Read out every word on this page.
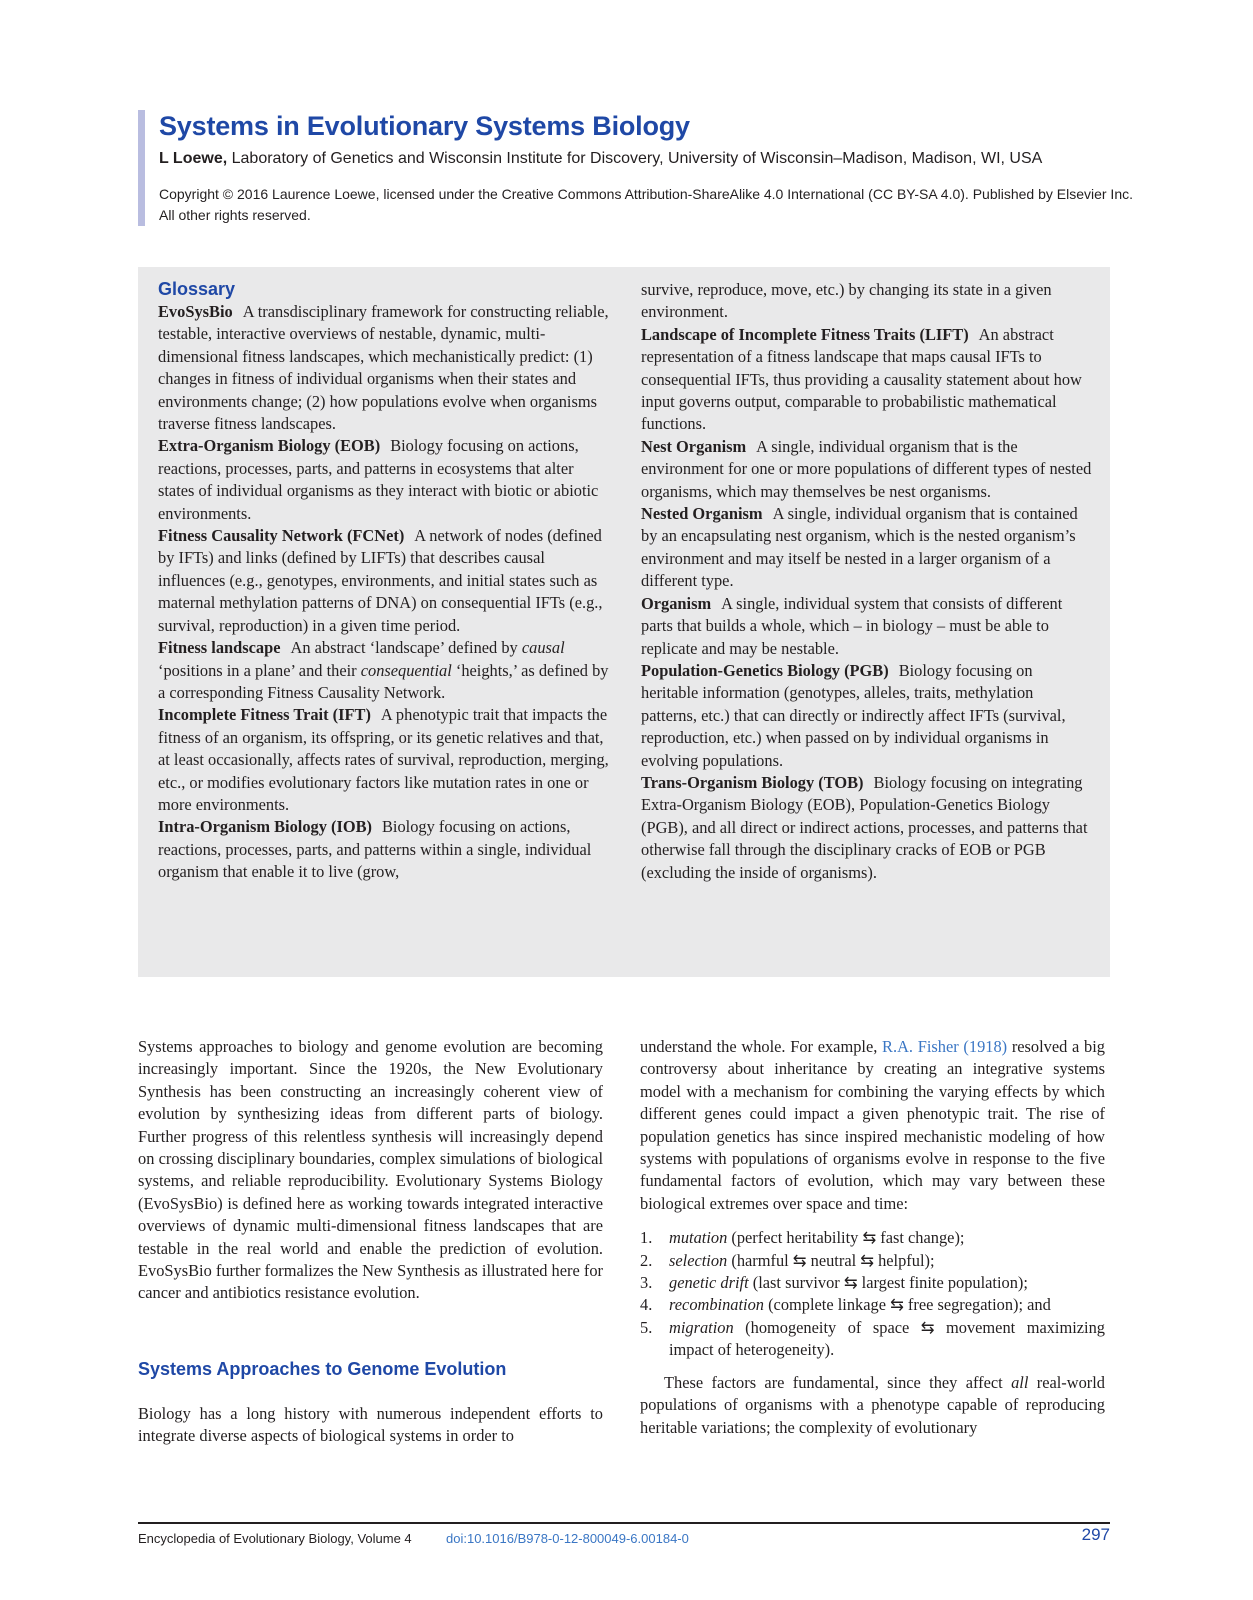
Systems in Evolutionary Systems Biology
L Loewe, Laboratory of Genetics and Wisconsin Institute for Discovery, University of Wisconsin–Madison, Madison, WI, USA
Copyright © 2016 Laurence Loewe, licensed under the Creative Commons Attribution-ShareAlike 4.0 International (CC BY-SA 4.0). Published by Elsevier Inc. All other rights reserved.
Glossary

EvoSysBio A transdisciplinary framework for constructing reliable, testable, interactive overviews of nestable, dynamic, multi-dimensional fitness landscapes, which mechanistically predict: (1) changes in fitness of individual organisms when their states and environments change; (2) how populations evolve when organisms traverse fitness landscapes.

Extra-Organism Biology (EOB) Biology focusing on actions, reactions, processes, parts, and patterns in ecosystems that alter states of individual organisms as they interact with biotic or abiotic environments.

Fitness Causality Network (FCNet) A network of nodes (defined by IFTs) and links (defined by LIFTs) that describes causal influences (e.g., genotypes, environments, and initial states such as maternal methylation patterns of DNA) on consequential IFTs (e.g., survival, reproduction) in a given time period.

Fitness landscape An abstract ‘landscape’ defined by causal ‘positions in a plane’ and their consequential ‘heights,’ as defined by a corresponding Fitness Causality Network.

Incomplete Fitness Trait (IFT) A phenotypic trait that impacts the fitness of an organism, its offspring, or its genetic relatives and that, at least occasionally, affects rates of survival, reproduction, merging, etc., or modifies evolutionary factors like mutation rates in one or more environments.

Intra-Organism Biology (IOB) Biology focusing on actions, reactions, processes, parts, and patterns within a single, individual organism that enable it to live (grow,

survive, reproduce, move, etc.) by changing its state in a given environment.

Landscape of Incomplete Fitness Traits (LIFT) An abstract representation of a fitness landscape that maps causal IFTs to consequential IFTs, thus providing a causality statement about how input governs output, comparable to probabilistic mathematical functions.

Nest Organism A single, individual organism that is the environment for one or more populations of different types of nested organisms, which may themselves be nest organisms.

Nested Organism A single, individual organism that is contained by an encapsulating nest organism, which is the nested organism’s environment and may itself be nested in a larger organism of a different type.

Organism A single, individual system that consists of different parts that builds a whole, which – in biology – must be able to replicate and may be nestable.

Population-Genetics Biology (PGB) Biology focusing on heritable information (genotypes, alleles, traits, methylation patterns, etc.) that can directly or indirectly affect IFTs (survival, reproduction, etc.) when passed on by individual organisms in evolving populations.

Trans-Organism Biology (TOB) Biology focusing on integrating Extra-Organism Biology (EOB), Population-Genetics Biology (PGB), and all direct or indirect actions, processes, and patterns that otherwise fall through the disciplinary cracks of EOB or PGB (excluding the inside of organisms).

Systems approaches to biology and genome evolution are becoming increasingly important. Since the 1920s, the New Evolutionary Synthesis has been constructing an increasingly coherent view of evolution by synthesizing ideas from different parts of biology. Further progress of this relentless synthesis will increasingly depend on crossing disciplinary boundaries, complex simulations of biological systems, and reliable reproducibility. Evolutionary Systems Biology (EvoSysBio) is defined here as working towards integrated interactive overviews of dynamic multi-dimensional fitness landscapes that are testable in the real world and enable the prediction of evolution. EvoSysBio further formalizes the New Synthesis as illustrated here for cancer and antibiotics resistance evolution.

Systems Approaches to Genome Evolution

Biology has a long history with numerous independent efforts to integrate diverse aspects of biological systems in order to

understand the whole. For example, R.A. Fisher (1918) resolved a big controversy about inheritance by creating an integrative systems model with a mechanism for combining the varying effects by which different genes could impact a given phenotypic trait. The rise of population genetics has since inspired mechanistic modeling of how systems with populations of organisms evolve in response to the five fundamental factors of evolution, which may vary between these biological extremes over space and time:

1. mutation (perfect heritability ⇆ fast change);
2. selection (harmful ⇆ neutral ⇆ helpful);
3. genetic drift (last survivor ⇆ largest finite population);
4. recombination (complete linkage ⇆ free segregation); and
5. migration (homogeneity of space ⇆ movement maximizing impact of heterogeneity).

These factors are fundamental, since they affect all real-world populations of organisms with a phenotype capable of reproducing heritable variations; the complexity of evolutionary

Encyclopedia of Evolutionary Biology, Volume 4	doi:10.1016/B978-0-12-800049-6.00184-0	297
